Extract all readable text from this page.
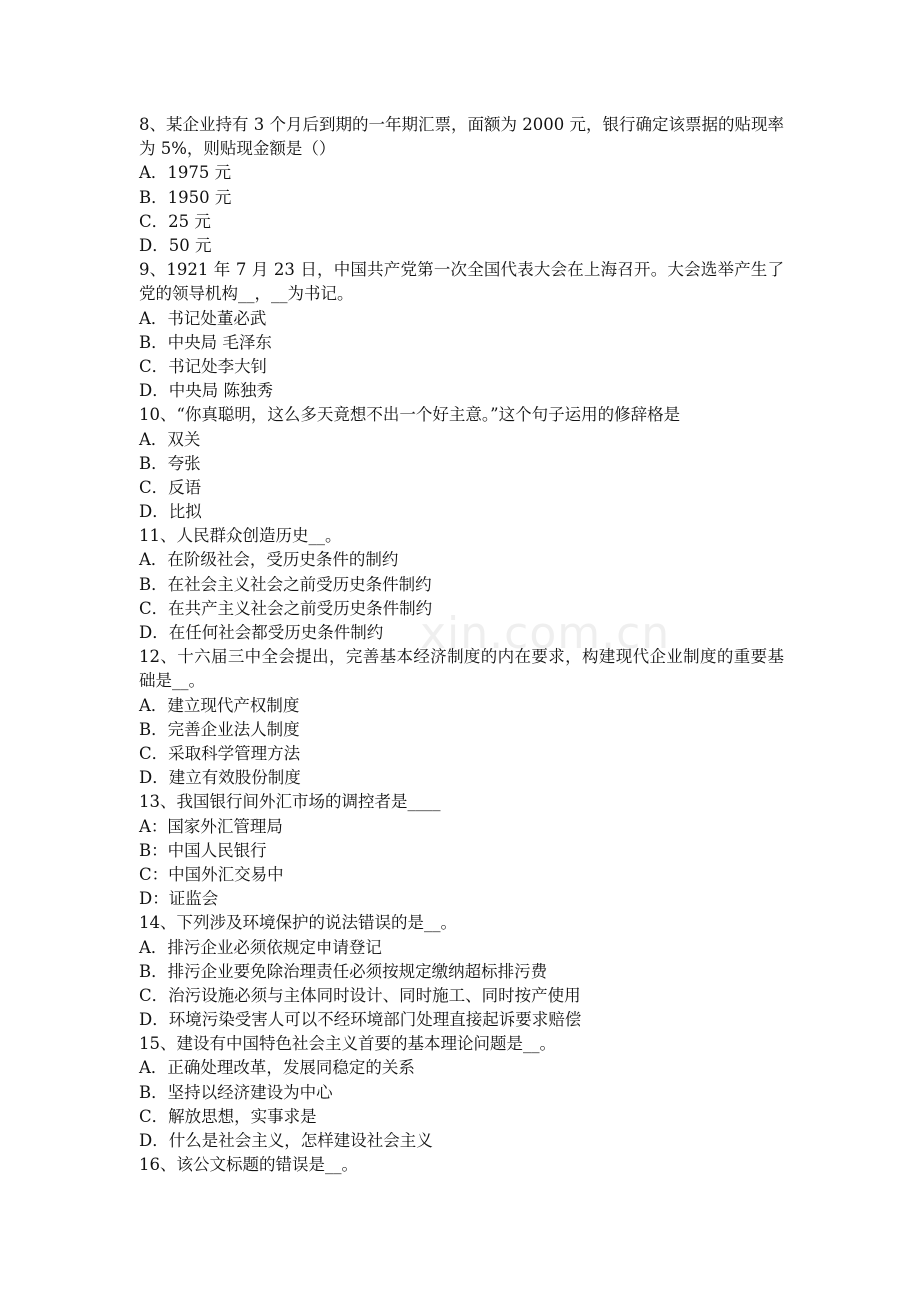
8、某企业持有 3 个月后到期的一年期汇票，面额为 2000 元，银行确定该票据的贴现率为 5%，则贴现金额是（）
A．1975 元
B．1950 元
C．25 元
D．50 元
9、1921 年 7 月 23 日，中国共产党第一次全国代表大会在上海召开。大会选举产生了党的领导机构__，__为书记。
A．书记处董必武
B．中央局 毛泽东
C．书记处李大钊
D．中央局 陈独秀
10、“你真聪明，这么多天竟想不出一个好主意。”这个句子运用的修辞格是
A．双关
B．夸张
C．反语
D．比拟
11、人民群众创造历史__。
A．在阶级社会，受历史条件的制约
B．在社会主义社会之前受历史条件制约
C．在共产主义社会之前受历史条件制约
D．在任何社会都受历史条件制约
12、十六届三中全会提出，完善基本经济制度的内在要求，构建现代企业制度的重要基础是__。
A．建立现代产权制度
B．完善企业法人制度
C．采取科学管理方法
D．建立有效股份制度
13、我国银行间外汇市场的调控者是____
A：国家外汇管理局
B：中国人民银行
C：中国外汇交易中
D：证监会
14、下列涉及环境保护的说法错误的是__。
A．排污企业必须依规定申请登记
B．排污企业要免除治理责任必须按规定缴纳超标排污费
C．治污设施必须与主体同时设计、同时施工、同时按产使用
D．环境污染受害人可以不经环境部门处理直接起诉要求赔偿
15、建设有中国特色社会主义首要的基本理论问题是__。
A．正确处理改革，发展同稳定的关系
B．坚持以经济建设为中心
C．解放思想，实事求是
D．什么是社会主义，怎样建设社会主义
16、该公文标题的错误是__。
xin.com.cn
